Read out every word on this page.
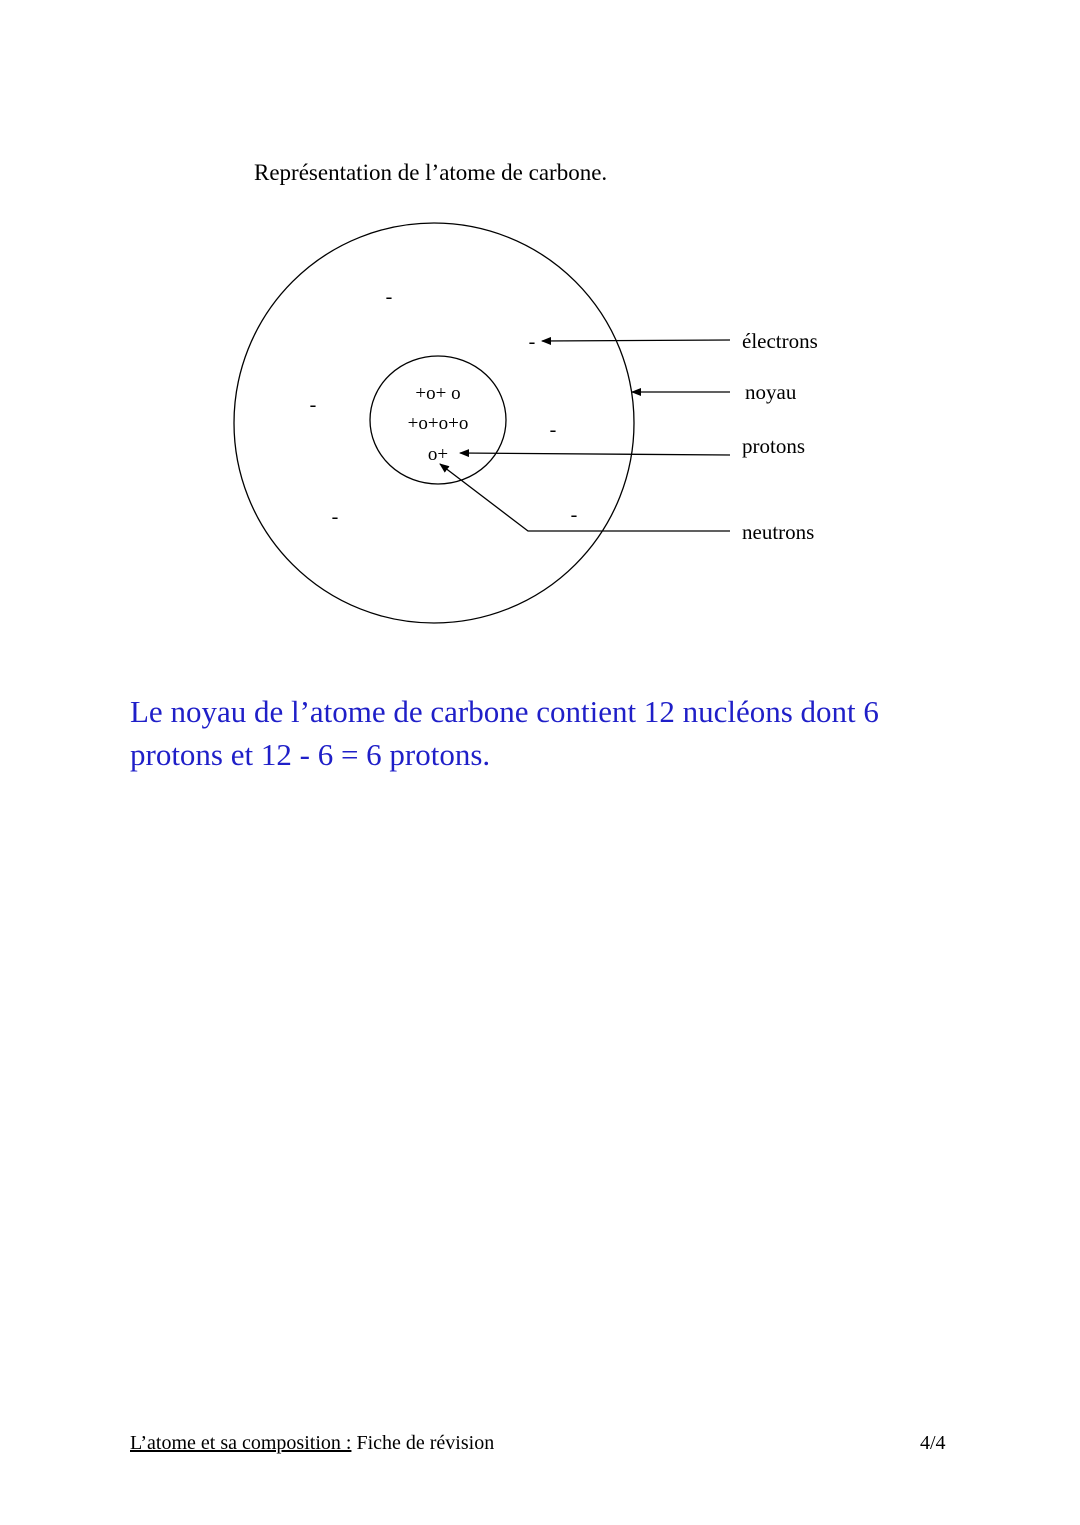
Représentation de l’atome de carbone.
+o+ o
+o+o+o
o+
-
-
-
-
-	-
électrons
noyau
protons
neutrons
Le noyau de l’atome de carbone contient 12 nucléons dont 6 protons et 12 - 6 = 6 protons.
L’atome et sa composition : Fiche de révision	4/4
